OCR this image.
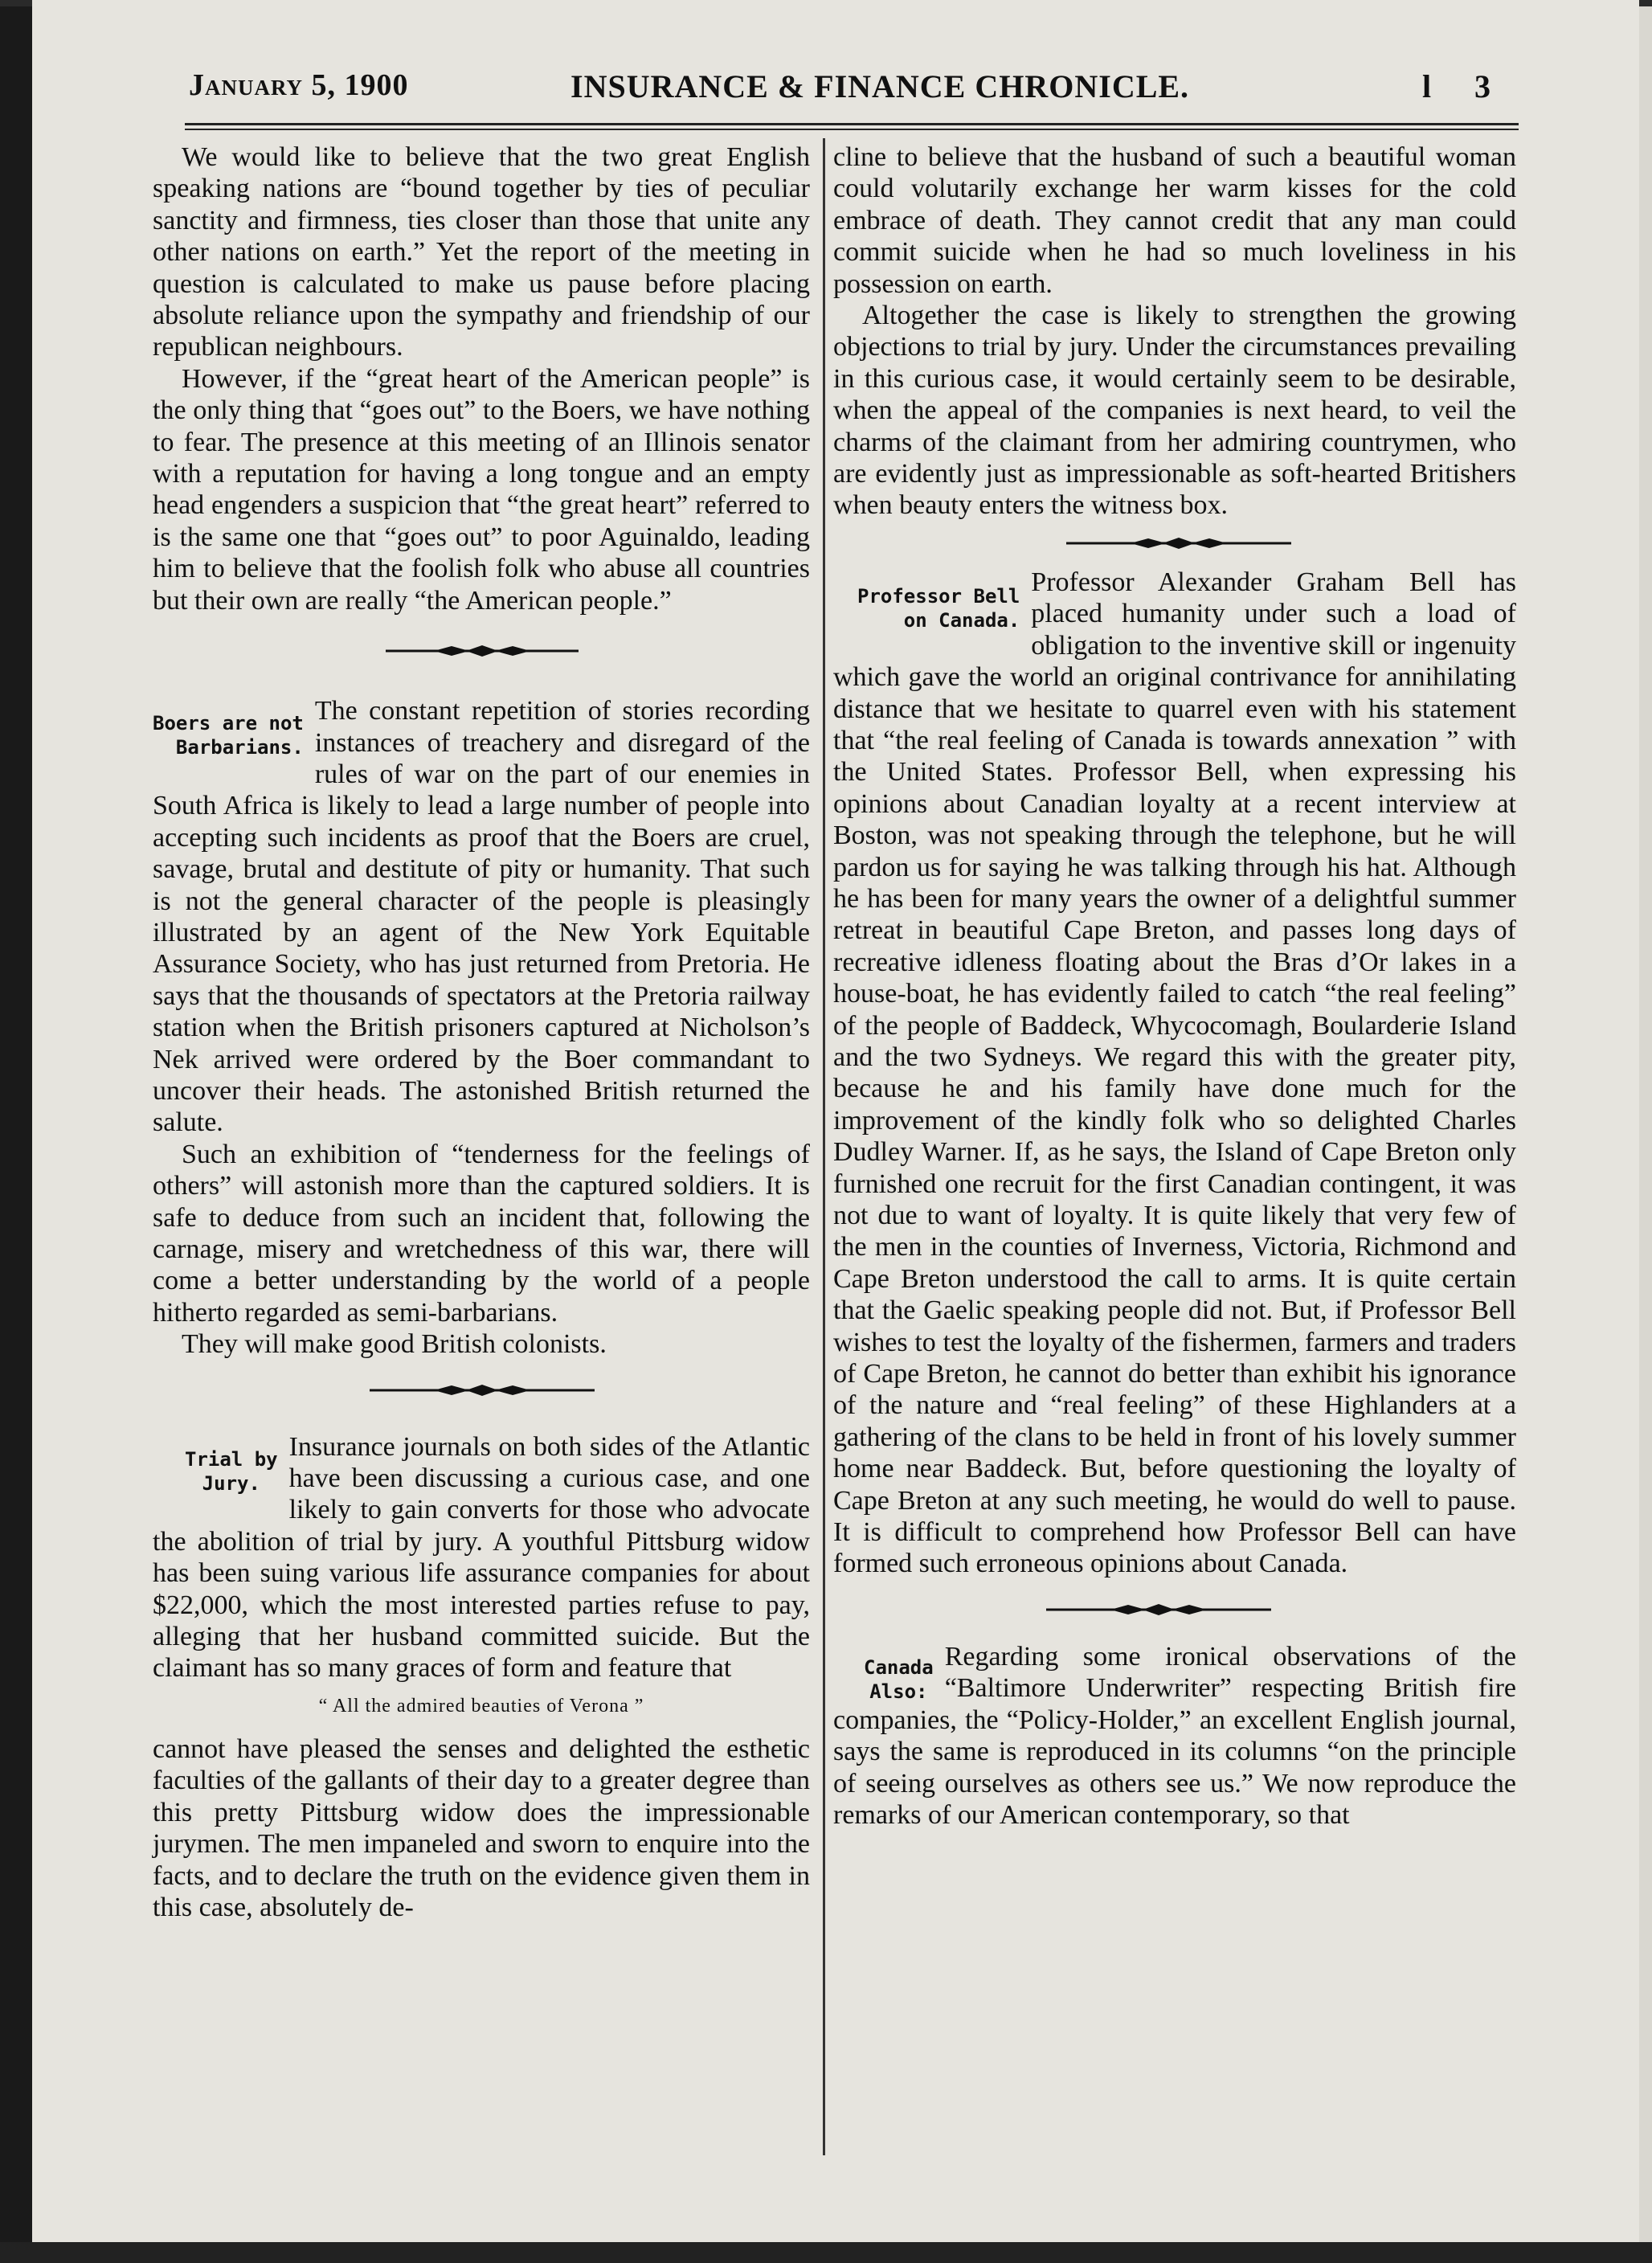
January 5, 1900	INSURANCE & FINANCE CHRONICLE.	l 3

We would like to believe that the two great English speaking nations are “bound together by ties of peculiar sanctity and firmness, ties closer than those that unite any other nations on earth.” Yet the report of the meeting in question is calculated to make us pause before placing absolute reliance upon the sympathy and friendship of our republican neighbours.

However, if the “great heart of the American people” is the only thing that “goes out” to the Boers, we have nothing to fear. The presence at this meeting of an Illinois senator with a reputation for having a long tongue and an empty head engenders a suspicion that “the great heart” referred to is the same one that “goes out” to poor Aguinaldo, leading him to believe that the foolish folk who abuse all countries but their own are really “the American people.”

Boers are not
Barbarians.

The constant repetition of stories recording instances of treachery and disregard of the rules of war on the part of our enemies in South Africa is likely to lead a large number of people into accepting such incidents as proof that the Boers are cruel, savage, brutal and destitute of pity or humanity. That such is not the general character of the people is pleasingly illustrated by an agent of the New York Equitable Assurance Society, who has just returned from Pretoria. He says that the thousands of spectators at the Pretoria railway station when the British prisoners captured at Nicholson’s Nek arrived were ordered by the Boer commandant to uncover their heads. The astonished British returned the salute.

Such an exhibition of “tenderness for the feelings of others” will astonish more than the captured soldiers. It is safe to deduce from such an incident that, following the carnage, misery and wretchedness of this war, there will come a better understanding by the world of a people hitherto regarded as semi-barbarians.

They will make good British colonists.

Trial by
Jury.

Insurance journals on both sides of the Atlantic have been discussing a curious case, and one likely to gain converts for those who advocate the abolition of trial by jury. A youthful Pittsburg widow has been suing various life assurance companies for about $22,000, which the most interested parties refuse to pay, alleging that her husband committed suicide. But the claimant has so many graces of form and feature that

“ All the admired beauties of Verona ”

cannot have pleased the senses and delighted the esthetic faculties of the gallants of their day to a greater degree than this pretty Pittsburg widow does the impressionable jurymen. The men impaneled and sworn to enquire into the facts, and to declare the truth on the evidence given them in this case, absolutely de-

cline to believe that the husband of such a beautiful woman could volutarily exchange her warm kisses for the cold embrace of death. They cannot credit that any man could commit suicide when he had so much loveliness in his possession on earth.

Altogether the case is likely to strengthen the growing objections to trial by jury. Under the circumstances prevailing in this curious case, it would certainly seem to be desirable, when the appeal of the companies is next heard, to veil the charms of the claimant from her admiring countrymen, who are evidently just as impressionable as soft-hearted Britishers when beauty enters the witness box.

Professor Bell
on Canada.

Professor Alexander Graham Bell has placed humanity under such a load of obligation to the inventive skill or ingenuity which gave the world an original contrivance for annihilating distance that we hesitate to quarrel even with his statement that “the real feeling of Canada is towards annexation ” with the United States. Professor Bell, when expressing his opinions about Canadian loyalty at a recent interview at Boston, was not speaking through the telephone, but he will pardon us for saying he was talking through his hat. Although he has been for many years the owner of a delightful summer retreat in beautiful Cape Breton, and passes long days of recreative idleness floating about the Bras d’Or lakes in a house-boat, he has evidently failed to catch “the real feeling” of the people of Baddeck, Whycocomagh, Boularderie Island and the two Sydneys. We regard this with the greater pity, because he and his family have done much for the improvement of the kindly folk who so delighted Charles Dudley Warner. If, as he says, the Island of Cape Breton only furnished one recruit for the first Canadian contingent, it was not due to want of loyalty. It is quite likely that very few of the men in the counties of Inverness, Victoria, Richmond and Cape Breton understood the call to arms. It is quite certain that the Gaelic speaking people did not. But, if Professor Bell wishes to test the loyalty of the fishermen, farmers and traders of Cape Breton, he cannot do better than exhibit his ignorance of the nature and “real feeling” of these Highlanders at a gathering of the clans to be held in front of his lovely summer home near Baddeck. But, before questioning the loyalty of Cape Breton at any such meeting, he would do well to pause. It is difficult to comprehend how Professor Bell can have formed such erroneous opinions about Canada.

Canada
Also:

Regarding some ironical observations of the “Baltimore Underwriter” respecting British fire companies, the “Policy-Holder,” an excellent English journal, says the same is reproduced in its columns “on the principle of seeing ourselves as others see us.” We now reproduce the remarks of our American contemporary, so that
